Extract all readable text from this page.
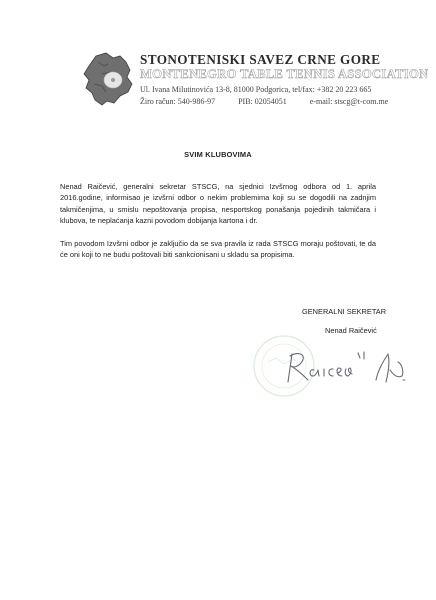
STONOTENISKI SAVEZ CRNE GORE
MONTENEGRO TABLE TENNIS ASSOCIATION
Ul. Ivana Milutinovića 13-8, 81000 Podgorica, tel/fax: +382 20 223 665
Žiro račun: 540-986-97	PIB: 02054051	e-mail: stscg@t-com.me
SVIM KLUBOVIMA
Nenad Raičević, generalni sekretar STSCG, na sjednici Izvšrnog odbora od 1. aprila 2016.godine, informisao je izvšrni odbor o nekim problemima koji su se dogodili na zadnjim takmičenjima, u smislu nepoštovanja propisa, nesportskog ponašanja pojedinih takmičara i klubova, te neplaćanja kazni povodom dobijanja kartona i dr.
Tim povodom Izvšrni odbor je zaključio da se sva pravila iz rada STSCG moraju poštovati, te da će oni koji to ne budu poštovali biti sankcionisani u skladu sa propisima.
GENERALNI SEKRETAR
Nenad Raičević
